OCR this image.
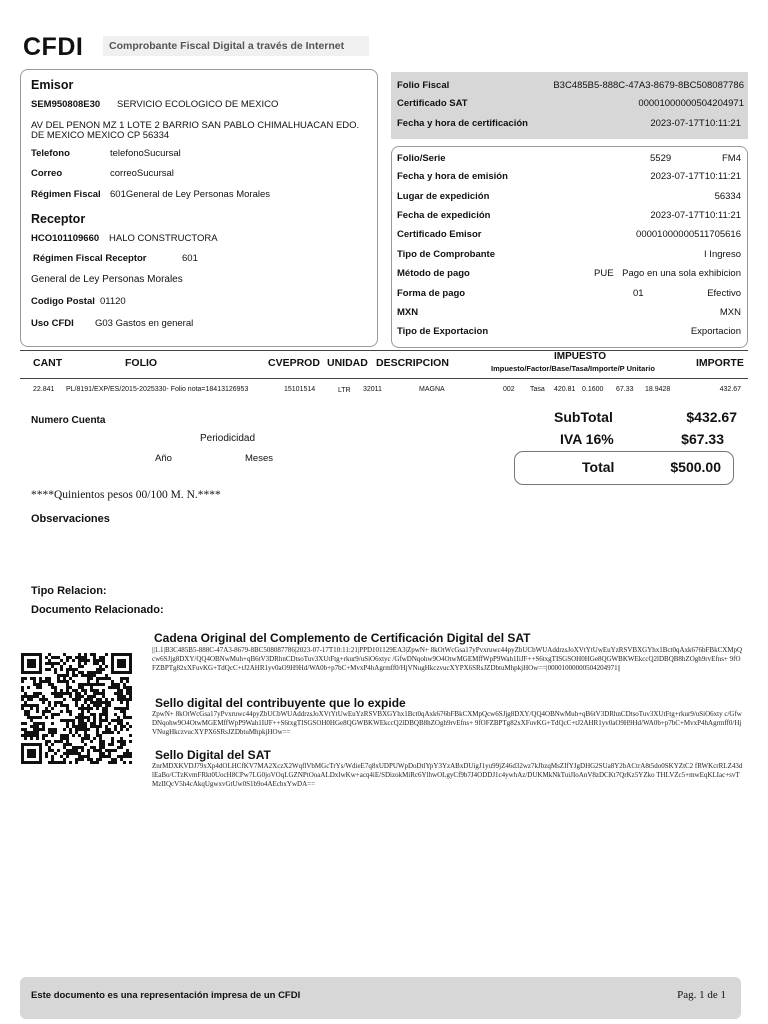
CFDI	Comprobante Fiscal Digital a través de Internet
Emisor
SEM950808E30 SERVICIO ECOLOGICO DE MEXICO
AV DEL PENON MZ 1 LOTE 2 BARRIO SAN PABLO CHIMALHUACAN EDO.
DE MEXICO MEXICO CP 56334
Telefono	telefonoSucursal
Correo	correoSucursal
Régimen Fiscal 601General de Ley Personas Morales
Receptor
HCO101109660 HALO CONSTRUCTORA
Régimen Fiscal Receptor	601
General de Ley Personas Morales
Codigo Postal 01120
Uso CFDI G03 Gastos en general
Folio Fiscal	B3C485B5-888C-47A3-8679-8BC508087786
Certificado SAT	00001000000504204971
Fecha y hora de certificación	2023-07-17T10:11:21
Folio/Serie	5529	FM4
Fecha y hora de emisión	2023-07-17T10:11:21
Lugar de expedición	56334
Fecha de expedición	2023-07-17T10:11:21
Certificado Emisor	00001000000511705616
Tipo de Comprobante	I Ingreso
Método de pago	PUE Pago en una sola exhibicion
Forma de pago	01	Efectivo
MXN	MXN
Tipo de Exportacion	Exportacion
CANT	FOLIO	CVEPROD UNIDAD DESCRIPCION
IMPUESTO
Impuesto/Factor/Base/Tasa/Importe/P Unitario	IMPORTE
22.841 PL/8191/EXP/ES/2015-2025330- Folio nota=18413126953	15101514	LTR 32011	MAGNA	002 Tasa 420.81 0.1600 67.33 18.9428	432.67
Numero Cuenta
Periodicidad
Año	Meses
SubTotal	$432.67
IVA 16%	$67.33
Total	$500.00
****Quinientos pesos 00/100 M. N.****
Observaciones
Tipo Relacion:
Documento Relacionado:
Cadena Original del Complemento de Certificación Digital del SAT
||1.1|B3C485B5-888C-47A3-8679-8BC508087786|2023-07-17T10:11:21|PPD101129EA3|ZpwN+ 8kOtWcGsa17yPvxruwc44pyZbUCbWUAddrzsJoXVtYtUwEuYzRSVBXGYhx1Bct0qAxk676bFBkCXMpQcw6SJjg8DXY/QQ4OBNwMuh+qB6tV3DRhnCDtsoTuv3XUtFtg+rkur9/uSiO6xtyc /GfwDNqohw9O4OtwMGEMffWpP9Wah1IiJF++S6txgTISGSOH0HGe8QGWBKWEkccQ2lDBQB8hZOgh9rvEfns+ 9fOFZBPTg82xXFuvKG+TdQcC+tJ2AHR1yv0aO9H9Hd/WA0b+p7bC+MvxP4hAgrmff0/HjVNugHkczvucXYPX6SRsJZDbtuMhpkjHOw==|00001000000504204971||
Sello digital del contribuyente que lo expide
ZpwN+ 8kOtWcGsa17yPvxruwc44pyZbUCbWUAddrzsJoXVtYtUwEuYzRSVBXGYhx1Bct0qAxk676bFBkCXMpQcw6SJjg8DXY/QQ4OBNwMuh+qB6tV3DRhnCDtsoTuv3XUtFtg+rkur9/uSiO6xty c/GfwDNqohw9O4OtwMGEMffWpP9Wah1IiJF++S6txgTISGSOH0HGe8QGWBKWEkccQ2lDBQB8hZOgh9rvEfns+ 9fOFZBPTg82xXFuvKG+TdQcC+tJ2AHR1yv0aO9H9Hd/WA0b+p7bC+MvxP4hAgrmff0/HjVNugHkczvucXYPX6SRsJZDbtuMhpkjHOw==
Sello Digital del SAT
ZnrMDXKVDJ79xXp4dOLHCfKV7MA2XczX2WqflVbMGcTrYs/WdieE7q8xUDPUWpDoDtlYpY3YzABxDUigJ1yu99jZ46d32wz7kJbzqMsZIfYJgDHG2SUa8Y2bACtrA8t5do0SKYZtC2 fRWKcrRLZ43dlEaBo/CTzKvmFRkt0UocH8CPw7LG0joVOqLGZNPtOoaALDxIwKw+acq4iE/SDizokMiRc6YlhwOLgyCf9b7J4ODDJ1c4ywhAz/DUKMkNkTuiJIoAnV8zDCKt7QrKz5YZko THLVZc5+mwEqKLIac+svTMzIIQcV5h4cAkqUgwxvGtUw0S1b9o4AEcbxYwDA==
Este documento es una representación impresa de un CFDI	Pag. 1 de 1
